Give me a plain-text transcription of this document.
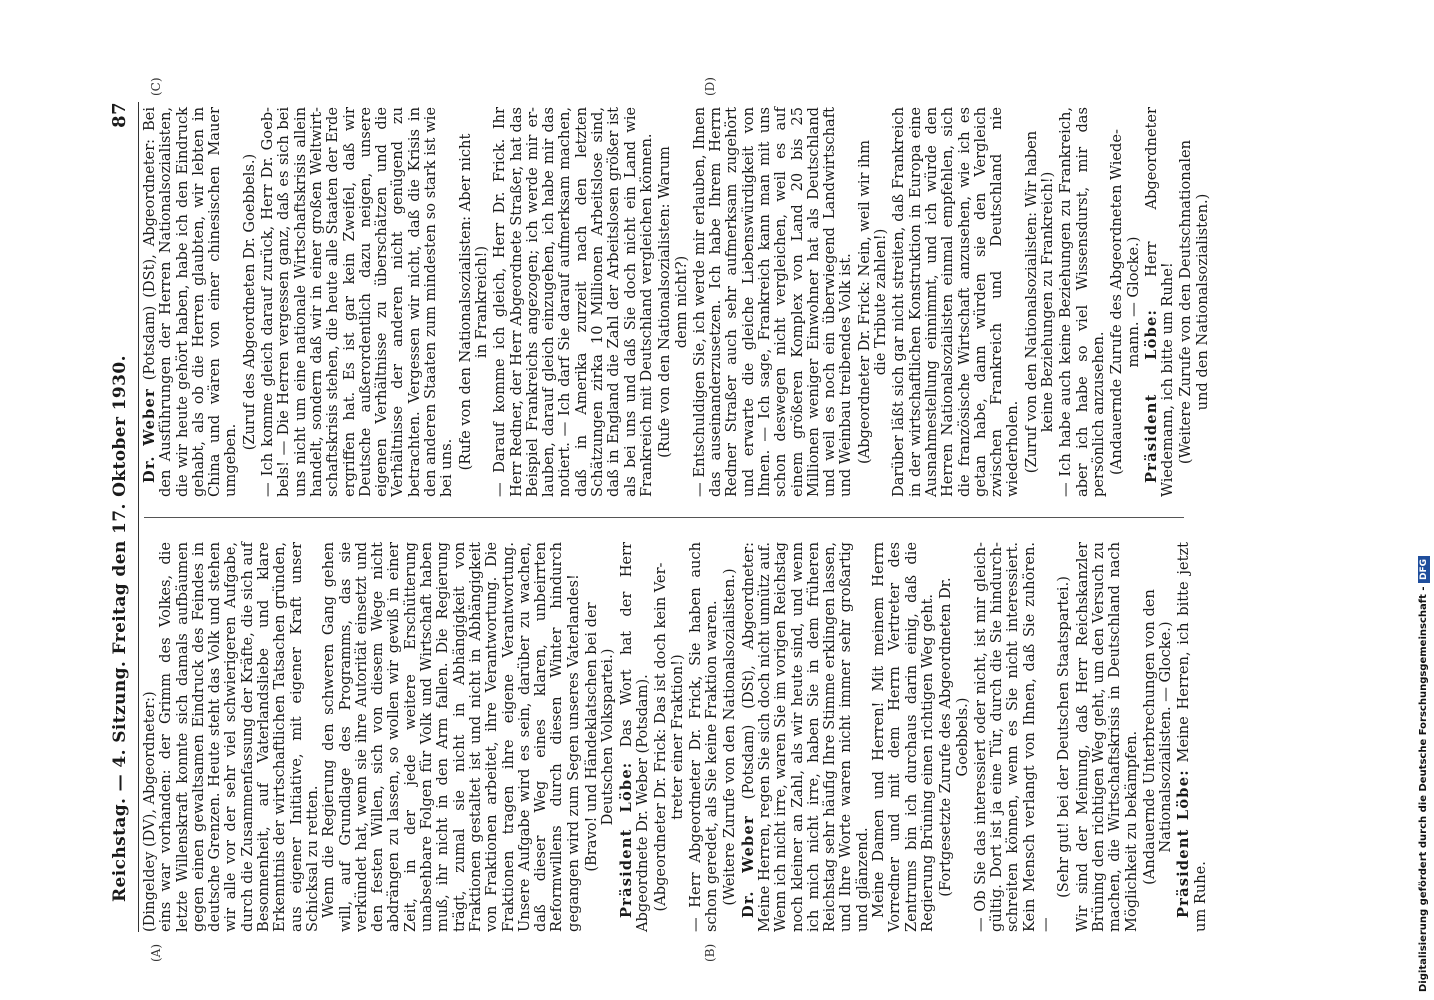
Reichstag. — 4. Sitzung. Freitag den 17. Oktober 1930.
87
(A)	(B)
(C)	(D)

(Dingeldey (DV), Abgeordneter:) eins war vorhanden: der Grimm des Volkes, die letzte Willenskraft konnte sich damals aufbäumen gegen einen gewaltsamen Eindruck des Feindes in deutsche Grenzen. Heute steht das Volk und stehen wir alle vor der sehr viel schwierigeren Aufgabe, durch die Zusammenfassung der Kräfte, die sich auf Besonnenheit, auf Vaterlandsliebe und klare Erkenntnis der wirtschaftlichen Tatsachen gründen, aus eigener Initiative, mit eigener Kraft unser Schicksal zu retten. Wenn die Regierung den schweren Gang gehen will, auf Grundlage des Programms, das sie verkündet hat, wenn sie ihre Autorität einsetzt und den festen Willen, sich von diesem Wege nicht abdrängen zu lassen, so wollen wir gewiß in einer Zeit, in der jede weitere Erschütterung unabsehbare Folgen für Volk und Wirtschaft haben muß, ihr nicht in den Arm fallen. Die Regierung trägt, zumal sie nicht in Abhängigkeit von Fraktionen gestaltet ist und nicht in Abhängigkeit von Fraktionen arbeitet, ihre Verantwortung. Die Fraktionen tragen ihre eigene Verantwortung. Unsere Aufgabe wird es sein, darüber zu wachen, daß dieser Weg eines klaren, unbeirrten Reformwillens durch diesen Winter hindurch gegangen wird zum Segen unseres Vaterlandes! (Bravo! und Händeklatschen bei der Deutschen Volkspartei.)

Präsident Löbe: Das Wort hat der Herr Abgeordnete Dr. Weber (Potsdam). (Abgeordneter Dr. Frick: Das ist doch kein Vertreter einer Fraktion!) — Herr Abgeordneter Dr. Frick, Sie haben auch schon geredet, als Sie keine Fraktion waren. (Weitere Zurufe von den Nationalsozialisten.) Dr. Weber (Potsdam) (DSt), Abgeordneter: Meine Herren, regen Sie sich doch nicht unnütz auf. Wenn ich nicht irre, waren Sie im vorigen Reichstag noch kleiner an Zahl, als wir heute sind, und wenn ich mich nicht irre, haben Sie in dem früheren Reichstag sehr häufig Ihre Stimme erklingen lassen, und Ihre Worte waren nicht immer sehr großartig und glänzend. Meine Damen und Herren! Mit meinem Herrn Vorredner und mit dem Herrn Vertreter des Zentrums bin ich durchaus darin einig, daß die Regierung Brüning einen richtigen Weg geht. (Fortgesetzte Zurufe des Abgeordneten Dr. Goebbels.) — Ob Sie das interessiert oder nicht, ist mir gleichgültig. Dort ist ja eine Tür, durch die Sie hindurchschreiten können, wenn es Sie nicht interessiert. Kein Mensch verlangt von Ihnen, daß Sie zuhören. —

(Sehr gut! bei der Deutschen Staatspartei.) Wir sind der Meinung, daß Herr Reichskanzler Brüning den richtigen Weg geht, um den Versuch zu machen, die Wirtschaftskrisis in Deutschland nach Möglichkeit zu bekämpfen. (Andauernde Unterbrechungen von den Nationalsozialisten. — Glocke.) Präsident Löbe: Meine Herren, ich bitte jetzt um Ruhe.

Dr. Weber (Potsdam) (DSt), Abgeordneter: Bei den Ausführungen der Herren Nationalsozialisten, die wir heute gehört haben, habe ich den Eindruck gehabt, als ob die Herren glaubten, wir lebten in China und wären von einer chinesischen Mauer umgeben.

(Zuruf des Abgeordneten Dr. Goebbels.) — Ich komme gleich darauf zurück, Herr Dr. Goebbels! — Die Herren vergessen ganz, daß es sich bei uns nicht um eine nationale Wirtschaftskrisis allein handelt, sondern daß wir in einer großen Weltwirtschaftskrisis stehen, die heute alle Staaten der Erde ergriffen hat. Es ist gar kein Zweifel, daß wir Deutsche außerordentlich dazu neigen, unsere eigenen Verhältnisse zu überschätzen und die Verhältnisse der anderen nicht genügend zu betrachten. Vergessen wir nicht, daß die Krisis in den anderen Staaten zum mindesten so stark ist wie bei uns. (Rufe von den Nationalsozialisten: Aber nicht in Frankreich!) — Darauf komme ich gleich, Herr Dr. Frick. Ihr Herr Redner, der Herr Abgeordnete Straßer, hat das Beispiel Frankreichs angezogen; ich werde mir erlauben, darauf gleich einzugehen, ich habe mir das notiert. — Ich darf Sie darauf aufmerksam machen, daß in Amerika zurzeit nach den letzten Schätzungen zirka 10 Millionen Arbeitslose sind, daß in England die Zahl der Arbeitslosen größer ist als bei uns und daß Sie doch nicht ein Land wie Frankreich mit Deutschland vergleichen können. (Rufe von den Nationalsozialisten: Warum denn nicht?) — Entschuldigen Sie, ich werde mir erlauben, Ihnen das auseinanderzusetzen. Ich habe Ihrem Herrn Redner Straßer auch sehr aufmerksam zugehört und erwarte die gleiche Liebenswürdigkeit von Ihnen. — Ich sage, Frankreich kann man mit uns schon deswegen nicht vergleichen, weil es auf einem größeren Komplex von Land 20 bis 25 Millionen weniger Einwohner hat als Deutschland und weil es noch ein überwiegend Landwirtschaft und Weinbau treibendes Volk ist. (Abgeordneter Dr. Frick: Nein, weil wir ihm die Tribute zahlen!) Darüber läßt sich gar nicht streiten, daß Frankreich in der wirtschaftlichen Konstruktion in Europa eine Ausnahmestellung einnimmt, und ich würde den Herren Nationalsozialisten einmal empfehlen, sich die französische Wirtschaft anzusehen, wie ich es getan habe, dann würden sie den Vergleich zwischen Frankreich und Deutschland nie wiederholen. (Zuruf von den Nationalsozialisten: Wir haben keine Beziehungen zu Frankreich!) — Ich habe auch keine Beziehungen zu Frankreich, aber ich habe so viel Wissensdurst, mir das persönlich anzusehen. (Andauernde Zurufe des Abgeordneten Wiedemann. — Glocke.)

Präsident Löbe: Herr Abgeordneter Wiedemann, ich bitte um Ruhe! (Weitere Zurufe von den Deutschnationalen und den Nationalsozialisten.)

Digitalisierung gefördert durch die Deutsche Forschungsgemeinschaft - DFG
